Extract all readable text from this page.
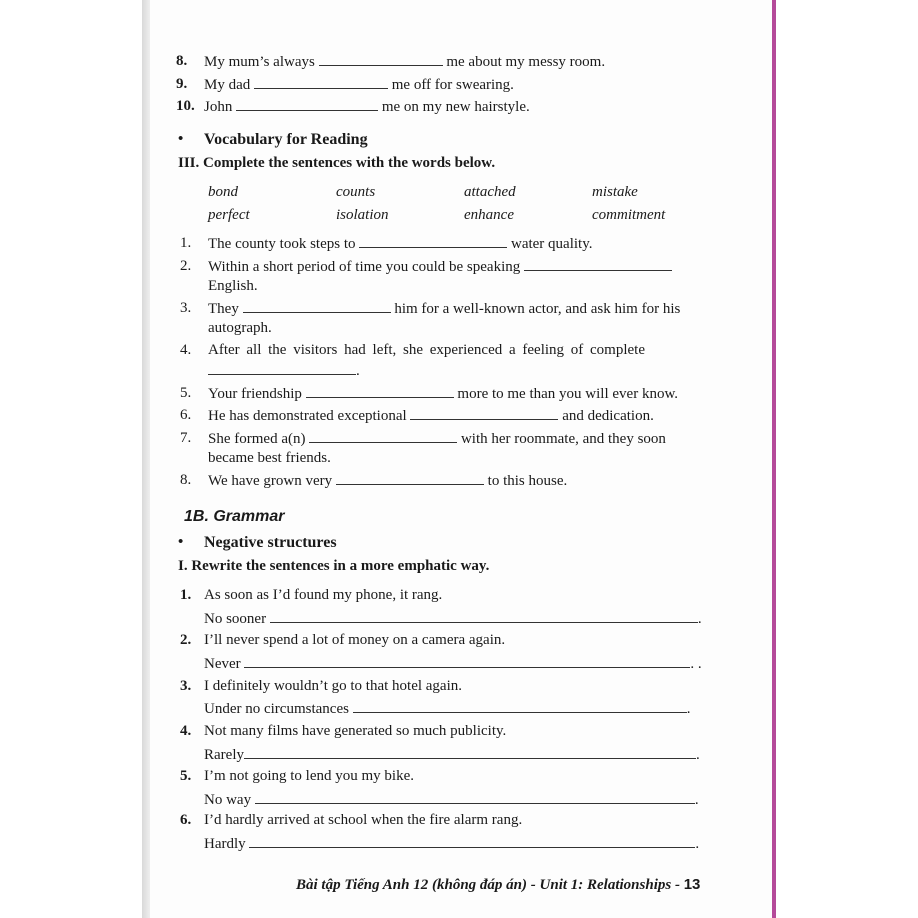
8. My mum’s always	me about my messy room.
9. My dad	me off for swearing.
10. John	me on my new hairstyle.
• Vocabulary for Reading
III. Complete the sentences with the words below.
bond	counts	attached	mistake
perfect	isolation	enhance	commitment
1. The county took steps to	water quality.
2. Within a short period of time you could be speaking
English.
3. They	him for a well-known actor, and ask him for his
autograph.
4. After all the visitors had left, she experienced a feeling of complete
.
5. Your friendship	more to me than you will ever know.
6. He has demonstrated exceptional	and dedication.
7. She formed a(n)	with her roommate, and they soon
became best friends.
8. We have grown very	to this house.
1B. Grammar
• Negative structures
I. Rewrite the sentences in a more emphatic way.
1. As soon as I’d found my phone, it rang.
No sooner	.
2. I’ll never spend a lot of money on a camera again.
Never	. .
3. I definitely wouldn’t go to that hotel again.
Under no circumstances	.
4. Not many films have generated so much publicity.
Rarely	.
5. I’m not going to lend you my bike.
No way	.
6. I’d hardly arrived at school when the fire alarm rang.
Hardly	.
Bài tập Tiếng Anh 12 (không đáp án) - Unit 1: Relationships - 13
